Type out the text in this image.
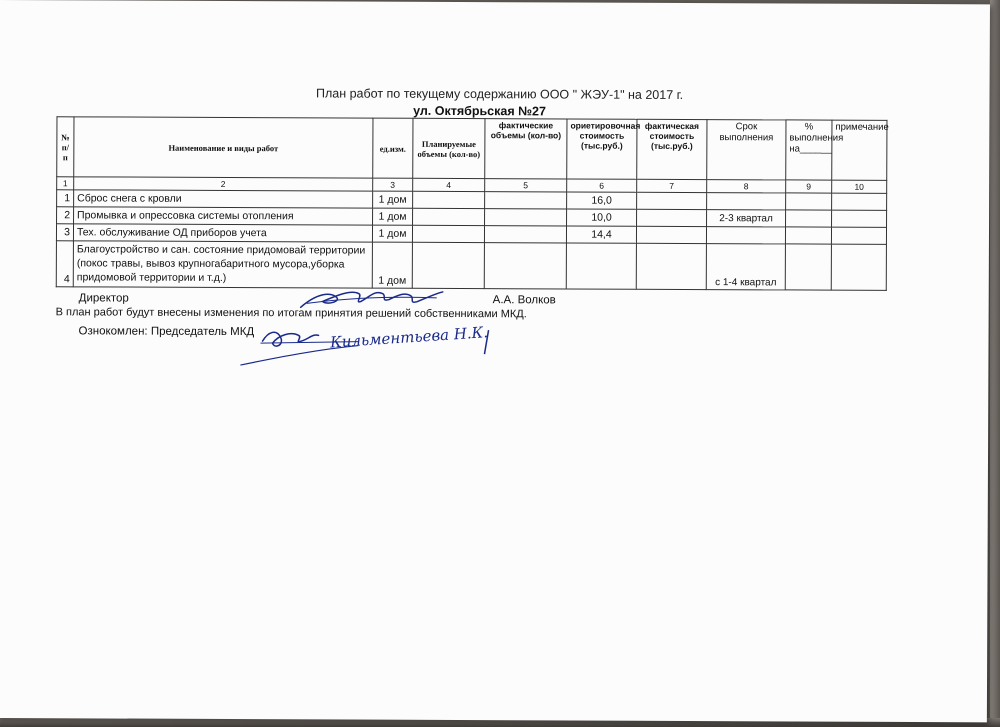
План работ по текущему содержанию ООО " ЖЭУ-1" на 2017 г.
ул. Октябрьская №27
№ п/п	Наименование и виды работ	ед.изм.	Планируемые объемы (кол-во)	фактические объемы (кол-во)	ориетировочная стоимость (тыс.руб.)	фактическая стоимость (тыс.руб.)	Срок выполнения	% выполнения на______	примечание
1	2	3	4	5	6	7	8	9	10
1	Сброс снега с кровли	1 дом			16,0				
2	Промывка и опрессовка системы отопления	1 дом			10,0		2-3 квартал		
3	Тех. обслуживание ОД приборов учета	1 дом			14,4				
4	Благоустройство и сан. состояние придомовай территории (покос травы, вывоз крупногабаритного мусора,уборка придомовой территории и т.д.)	1 дом					с 1-4 квартал		
Директор	А.А. Волков
В план работ будут внесены изменения по итогам принятия решений собственниками МКД.
Ознокомлен: Председатель МКД	Кильментьева Н.К.
